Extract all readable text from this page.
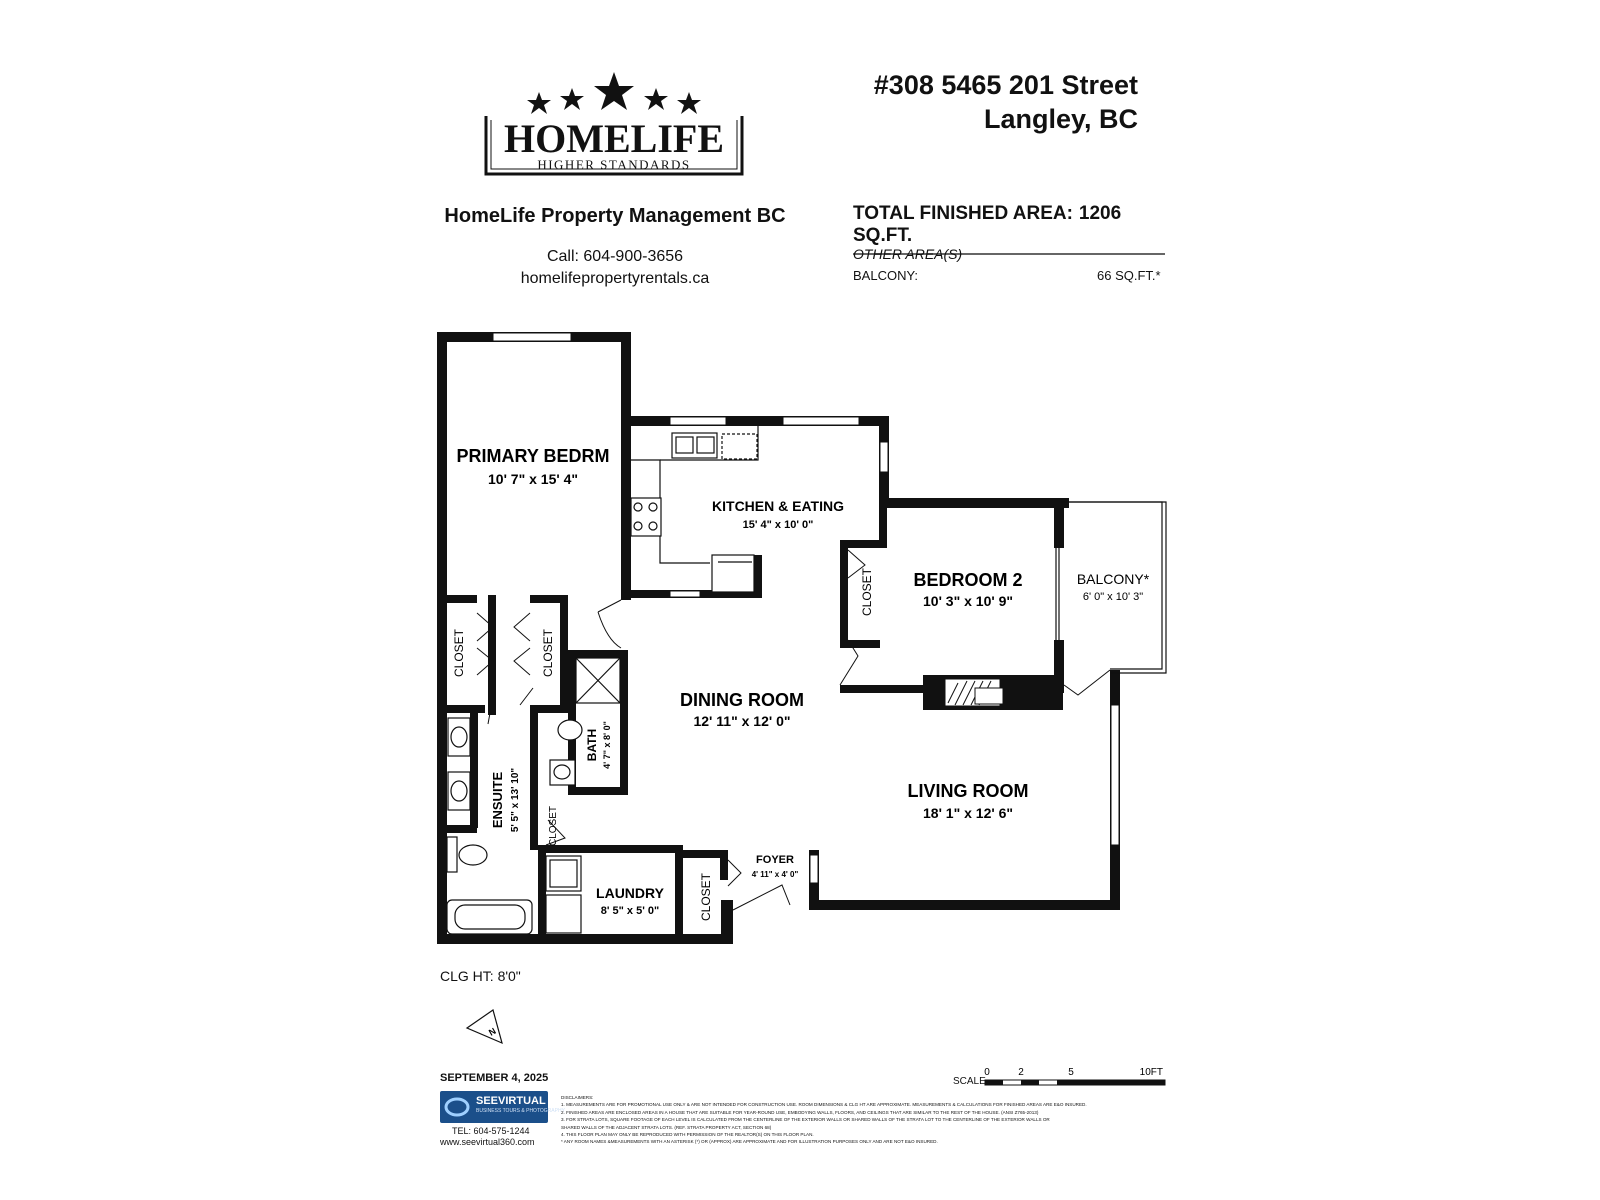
#308 5465 201 Street
Langley, BC
HOMELIFE
HIGHER STANDARDS
HomeLife Property Management BC
Call: 604-900-3656
homelifepropertyrentals.ca
TOTAL FINISHED AREA: 1206 SQ.FT.
OTHER AREA(S)
BALCONY:	66 SQ.FT.*
N
PRIMARY BEDRM
10' 7" x 15' 4"
KITCHEN & EATING
15' 4" x 10' 0"
BEDROOM 2
10' 3" x 10' 9"
BALCONY*
6' 0" x 10' 3"
DINING ROOM
12' 11" x 12' 0"
LIVING ROOM
18' 1" x 12' 6"
ENSUITE 5' 5" x 13' 10"
BATH 4' 7" x 8' 0"
LAUNDRY
8' 5" x 5' 0"
FOYER
4' 11" x 4' 0"
CLOSET	CLOSET
CLOSET
CLOSET
CLOSET
0	2	5	10FT
SCALE
CLG HT: 8'0"
SEPTEMBER 4, 2025
SEEVIRTUAL
BUSINESS TOURS & PHOTOGRAPHY
TEL: 604-575-1244
www.seevirtual360.com
DISCLAIMERS:
1. MEASUREMENTS ARE FOR PROMOTIONAL USE ONLY & ARE NOT INTENDED FOR CONSTRUCTION USE. ROOM DIMENSIONS & CLG HT ARE APPROXIMATE. MEASUREMENTS & CALCULATIONS FOR FINISHED AREAS ARE E&O INSURED.
2. FINISHED AREAS ARE ENCLOSED AREAS IN A HOUSE THAT ARE SUITABLE FOR YEAR-ROUND USE, EMBODYING WALLS, FLOORS, AND CEILINGS THAT ARE SIMILAR TO THE REST OF THE HOUSE. (ANSI Z765-2013)
3. FOR STRATA LOTS, SQUARE FOOTAGE OF EACH LEVEL IS CALCULATED FROM THE CENTERLINE OF THE EXTERIOR WALLS OR SHARED WALLS OF THE STRATA LOT TO THE CENTERLINE OF THE EXTERIOR WALLS OR
SHARED WALLS OF THE ADJACENT STRATA LOTS. (REF. STRATA PROPERTY ACT, SECTION 68)
4. THIS FLOOR PLAN MAY ONLY BE REPRODUCED WITH PERMISSION OF THE REALTOR(S) ON THIS FLOOR PLAN.
* ANY ROOM NAMES &MEASUREMENTS WITH AN ASTERISK (*) OR (APPROX) ARE APPROXIMATE AND FOR ILLUSTRATION PURPOSES ONLY AND ARE NOT E&O INSURED.
